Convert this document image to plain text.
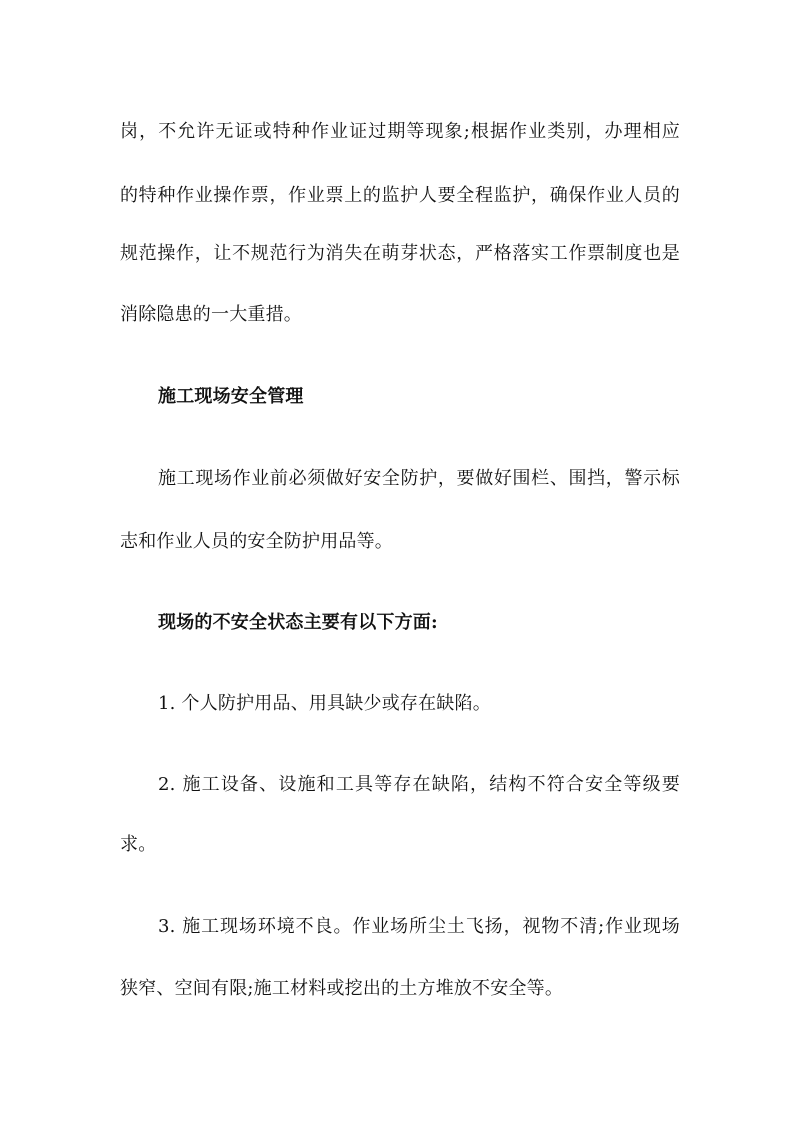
岗，不允许无证或特种作业证过期等现象;根据作业类别，办理相应
的特种作业操作票，作业票上的监护人要全程监护，确保作业人员的
规范操作，让不规范行为消失在萌芽状态，严格落实工作票制度也是
消除隐患的一大重措。
施工现场安全管理
施工现场作业前必须做好安全防护，要做好围栏、围挡，警示标
志和作业人员的安全防护用品等。
现场的不安全状态主要有以下方面:
1. 个人防护用品、用具缺少或存在缺陷。
2. 施工设备、设施和工具等存在缺陷，结构不符合安全等级要
求。
3. 施工现场环境不良。作业场所尘土飞扬，视物不清;作业现场
狭窄、空间有限;施工材料或挖出的土方堆放不安全等。
